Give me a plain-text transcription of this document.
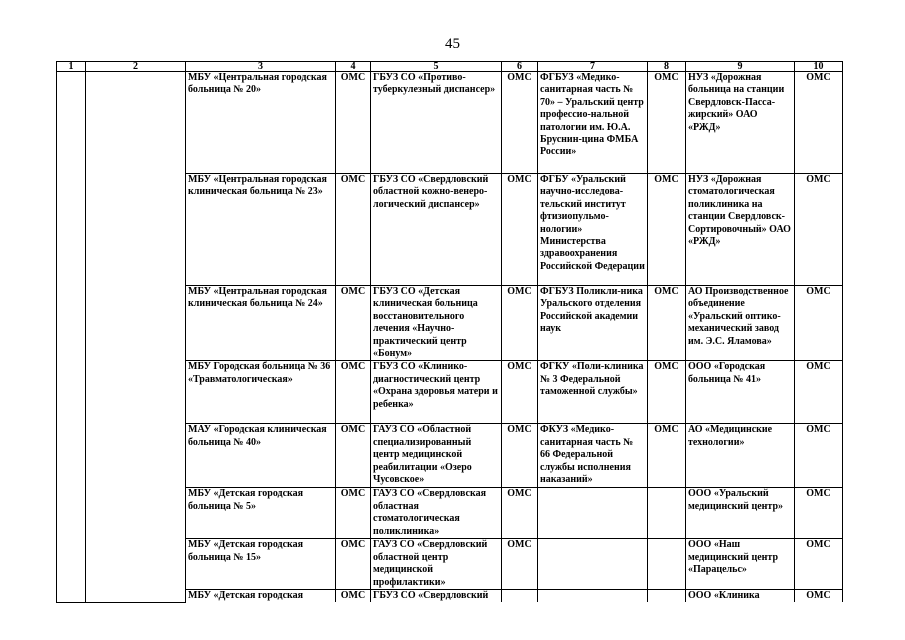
45
1	2	3	4	5	6	7	8	9	10
		МБУ «Центральная городская больница № 20»	ОМС	ГБУЗ СО «Противо-туберкулезный диспансер»	ОМС	ФГБУЗ «Медико-санитарная часть № 70» – Уральский центр профессио-нальной патологии им. Ю.А. Бруснин-цина ФМБА России»	ОМС	НУЗ «Дорожная больница на станции Свердловск-Пасса-жирский» ОАО «РЖД»	ОМС
		МБУ «Центральная городская клиническая больница № 23»	ОМС	ГБУЗ СО «Свердловский областной кожно-венеро-логический диспансер»	ОМС	ФГБУ «Уральский научно-исследова-тельский институт фтизиопульмо-нологии» Министерства здравоохранения Российской Федерации	ОМС	НУЗ «Дорожная стоматологическая поликлиника на станции Свердловск-Сортировочный» ОАО «РЖД»	ОМС
		МБУ «Центральная городская клиническая больница № 24»	ОМС	ГБУЗ СО «Детская клиническая больница восстановительного лечения «Научно-практический центр «Бонум»	ОМС	ФГБУЗ Поликли-ника Уральского отделения Российской академии наук	ОМС	АО Производственное объединение «Уральский оптико-механический завод им. Э.С. Яламова»	ОМС
		МБУ Городская больница № 36 «Травматологическая»	ОМС	ГБУЗ СО «Клинико-диагностический центр «Охрана здоровья матери и ребенка»	ОМС	ФГКУ «Поли-клиника № 3 Федеральной таможенной службы»	ОМС	ООО «Городская больница № 41»	ОМС
		МАУ «Городская клиническая больница № 40»	ОМС	ГАУЗ СО «Областной специализированный центр медицинской реабилитации «Озеро Чусовское»	ОМС	ФКУЗ «Медико-санитарная часть № 66 Федеральной службы исполнения наказаний»	ОМС	АО «Медицинские технологии»	ОМС
		МБУ «Детская городская больница № 5»	ОМС	ГАУЗ СО «Свердловская областная стоматологическая поликлиника»	ОМС			ООО «Уральский медицинский центр»	ОМС
		МБУ «Детская городская больница № 15»	ОМС	ГАУЗ СО «Свердловский областной центр медицинской профилактики»	ОМС			ООО «Наш медицинский центр «Парацельс»	ОМС
		МБУ «Детская городская	ОМС	ГБУЗ СО «Свердловский				ООО «Клиника	ОМС
